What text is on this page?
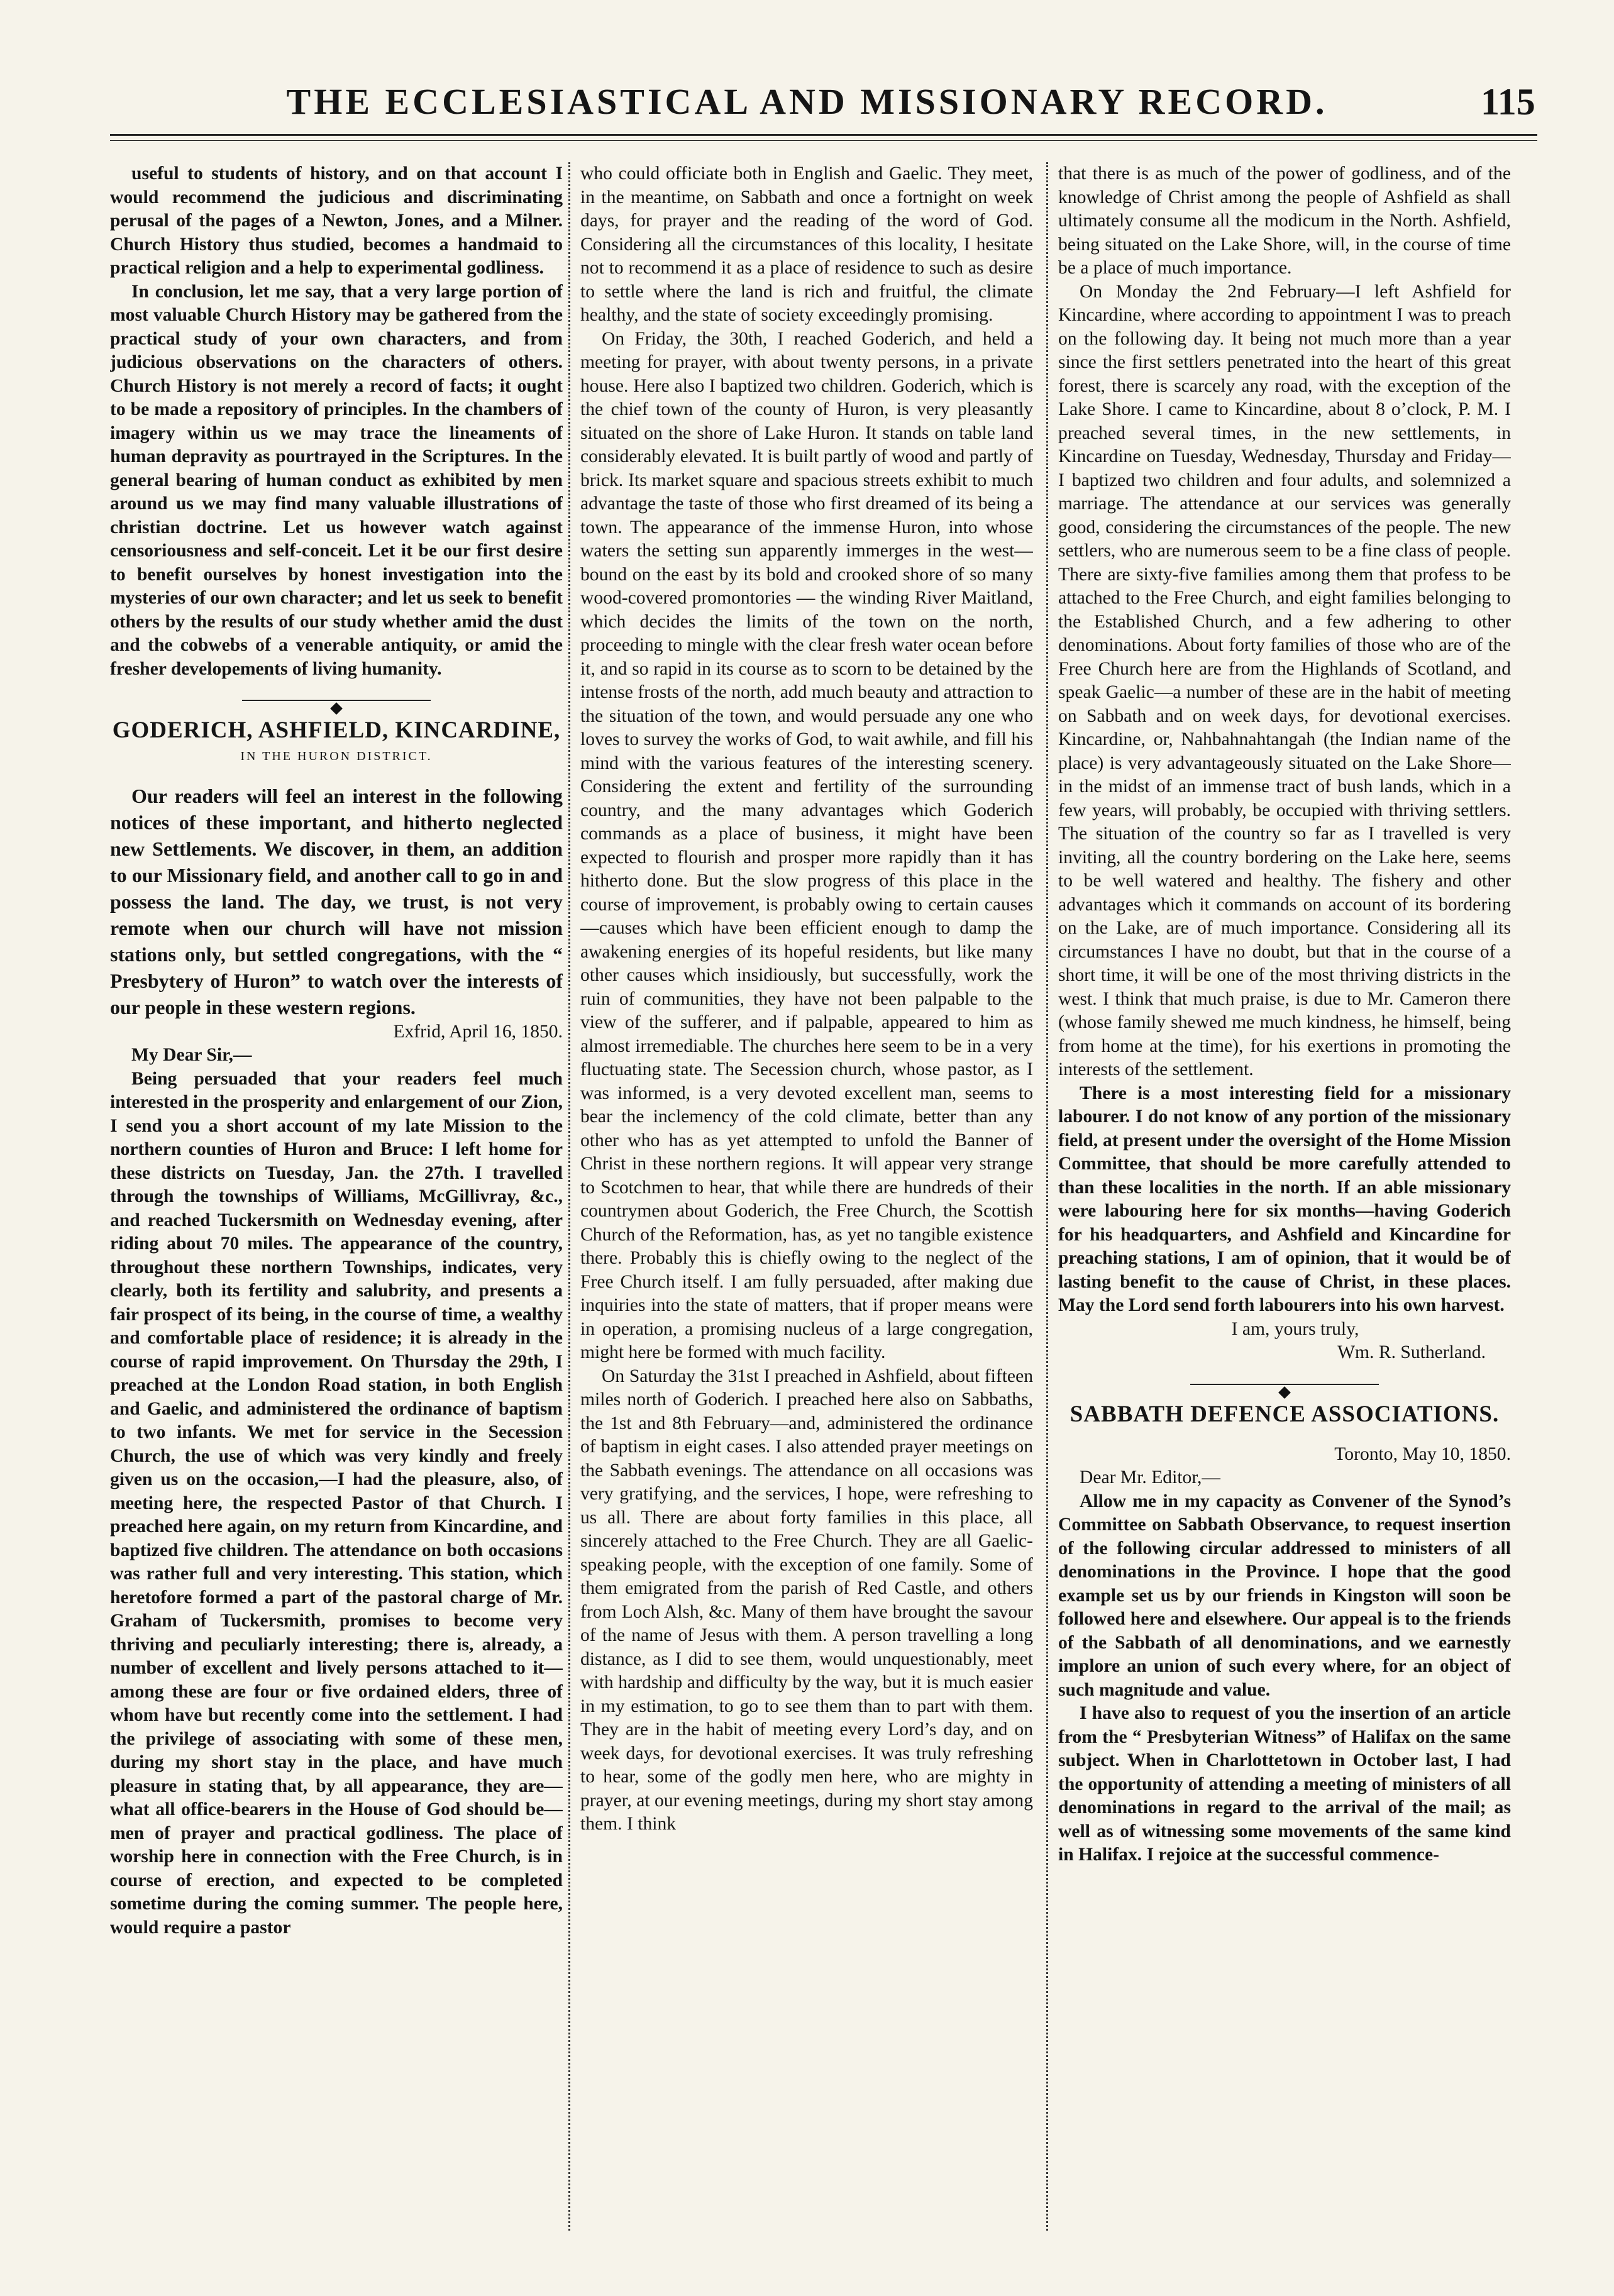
THE ECCLESIASTICAL AND MISSIONARY RECORD.	115

useful to students of history, and on that account I would recommend the judicious and discriminating perusal of the pages of a Newton, Jones, and a Milner. Church History thus studied, becomes a handmaid to practical religion and a help to experimental godliness.

In conclusion, let me say, that a very large portion of most valuable Church History may be gathered from the practical study of your own characters, and from judicious observations on the characters of others. Church History is not merely a record of facts; it ought to be made a repository of principles. In the chambers of imagery within us we may trace the lineaments of human depravity as pourtrayed in the Scriptures. In the general bearing of human conduct as exhibited by men around us we may find many valuable illustrations of christian doctrine. Let us however watch against censoriousness and self-conceit. Let it be our first desire to benefit ourselves by honest investigation into the mysteries of our own character; and let us seek to benefit others by the results of our study whether amid the dust and the cobwebs of a venerable antiquity, or amid the fresher developements of living humanity.

GODERICH, ASHFIELD, KINCARDINE,
IN THE HURON DISTRICT.

Our readers will feel an interest in the following notices of these important, and hitherto neglected new Settlements. We discover, in them, an addition to our Missionary field, and another call to go in and possess the land. The day, we trust, is not very remote when our church will have not mission stations only, but settled congregations, with the “ Presbytery of Huron” to watch over the interests of our people in these western regions.

Exfrid, April 16, 1850.

My Dear Sir,—

Being persuaded that your readers feel much interested in the prosperity and enlargement of our Zion, I send you a short account of my late Mission to the northern counties of Huron and Bruce: I left home for these districts on Tuesday, Jan. the 27th. I travelled through the townships of Williams, McGillivray, &c., and reached Tuckersmith on Wednesday evening, after riding about 70 miles. The appearance of the country, throughout these northern Townships, indicates, very clearly, both its fertility and salubrity, and presents a fair prospect of its being, in the course of time, a wealthy and comfortable place of residence; it is already in the course of rapid improvement. On Thursday the 29th, I preached at the London Road station, in both English and Gaelic, and administered the ordinance of baptism to two infants. We met for service in the Secession Church, the use of which was very kindly and freely given us on the occasion,—I had the pleasure, also, of meeting here, the respected Pastor of that Church. I preached here again, on my return from Kincardine, and baptized five children. The attendance on both occasions was rather full and very interesting. This station, which heretofore formed a part of the pastoral charge of Mr. Graham of Tuckersmith, promises to become very thriving and peculiarly interesting; there is, already, a number of excellent and lively persons attached to it—among these are four or five ordained elders, three of whom have but recently come into the settlement. I had the privilege of associating with some of these men, during my short stay in the place, and have much pleasure in stating that, by all appearance, they are—what all office-bearers in the House of God should be—men of prayer and practical godliness. The place of worship here in connection with the Free Church, is in course of erection, and expected to be completed sometime during the coming summer. The people here, would require a pastor

who could officiate both in English and Gaelic. They meet, in the meantime, on Sabbath and once a fortnight on week days, for prayer and the reading of the word of God. Considering all the circumstances of this locality, I hesitate not to recommend it as a place of residence to such as desire to settle where the land is rich and fruitful, the climate healthy, and the state of society exceedingly promising.

On Friday, the 30th, I reached Goderich, and held a meeting for prayer, with about twenty persons, in a private house. Here also I baptized two children. Goderich, which is the chief town of the county of Huron, is very pleasantly situated on the shore of Lake Huron. It stands on table land considerably elevated. It is built partly of wood and partly of brick. Its market square and spacious streets exhibit to much advantage the taste of those who first dreamed of its being a town. The appearance of the immense Huron, into whose waters the setting sun apparently immerges in the west—bound on the east by its bold and crooked shore of so many wood-covered promontories — the winding River Maitland, which decides the limits of the town on the north, proceeding to mingle with the clear fresh water ocean before it, and so rapid in its course as to scorn to be detained by the intense frosts of the north, add much beauty and attraction to the situation of the town, and would persuade any one who loves to survey the works of God, to wait awhile, and fill his mind with the various features of the interesting scenery. Considering the extent and fertility of the surrounding country, and the many advantages which Goderich commands as a place of business, it might have been expected to flourish and prosper more rapidly than it has hitherto done. But the slow progress of this place in the course of improvement, is probably owing to certain causes—causes which have been efficient enough to damp the awakening energies of its hopeful residents, but like many other causes which insidiously, but successfully, work the ruin of communities, they have not been palpable to the view of the sufferer, and if palpable, appeared to him as almost irremediable. The churches here seem to be in a very fluctuating state. The Secession church, whose pastor, as I was informed, is a very devoted excellent man, seems to bear the inclemency of the cold climate, better than any other who has as yet attempted to unfold the Banner of Christ in these northern regions. It will appear very strange to Scotchmen to hear, that while there are hundreds of their countrymen about Goderich, the Free Church, the Scottish Church of the Reformation, has, as yet no tangible existence there. Probably this is chiefly owing to the neglect of the Free Church itself. I am fully persuaded, after making due inquiries into the state of matters, that if proper means were in operation, a promising nucleus of a large congregation, might here be formed with much facility.

On Saturday the 31st I preached in Ashfield, about fifteen miles north of Goderich. I preached here also on Sabbaths, the 1st and 8th February—and, administered the ordinance of baptism in eight cases. I also attended prayer meetings on the Sabbath evenings. The attendance on all occasions was very gratifying, and the services, I hope, were refreshing to us all. There are about forty families in this place, all sincerely attached to the Free Church. They are all Gaelic-speaking people, with the exception of one family. Some of them emigrated from the parish of Red Castle, and others from Loch Alsh, &c. Many of them have brought the savour of the name of Jesus with them. A person travelling a long distance, as I did to see them, would unquestionably, meet with hardship and difficulty by the way, but it is much easier in my estimation, to go to see them than to part with them. They are in the habit of meeting every Lord’s day, and on week days, for devotional exercises. It was truly refreshing to hear, some of the godly men here, who are mighty in prayer, at our evening meetings, during my short stay among them. I think

that there is as much of the power of godliness, and of the knowledge of Christ among the people of Ashfield as shall ultimately consume all the modicum in the North. Ashfield, being situated on the Lake Shore, will, in the course of time be a place of much importance.

On Monday the 2nd February—I left Ashfield for Kincardine, where according to appointment I was to preach on the following day. It being not much more than a year since the first settlers penetrated into the heart of this great forest, there is scarcely any road, with the exception of the Lake Shore. I came to Kincardine, about 8 o’clock, P. M. I preached several times, in the new settlements, in Kincardine on Tuesday, Wednesday, Thursday and Friday—I baptized two children and four adults, and solemnized a marriage. The attendance at our services was generally good, considering the circumstances of the people. The new settlers, who are numerous seem to be a fine class of people. There are sixty-five families among them that profess to be attached to the Free Church, and eight families belonging to the Established Church, and a few adhering to other denominations. About forty families of those who are of the Free Church here are from the Highlands of Scotland, and speak Gaelic—a number of these are in the habit of meeting on Sabbath and on week days, for devotional exercises. Kincardine, or, Nahbahnahtangah (the Indian name of the place) is very advantageously situated on the Lake Shore—in the midst of an immense tract of bush lands, which in a few years, will probably, be occupied with thriving settlers. The situation of the country so far as I travelled is very inviting, all the country bordering on the Lake here, seems to be well watered and healthy. The fishery and other advantages which it commands on account of its bordering on the Lake, are of much importance. Considering all its circumstances I have no doubt, but that in the course of a short time, it will be one of the most thriving districts in the west. I think that much praise, is due to Mr. Cameron there (whose family shewed me much kindness, he himself, being from home at the time), for his exertions in promoting the interests of the settlement.

There is a most interesting field for a missionary labourer. I do not know of any portion of the missionary field, at present under the oversight of the Home Mission Committee, that should be more carefully attended to than these localities in the north. If an able missionary were labouring here for six months—having Goderich for his headquarters, and Ashfield and Kincardine for preaching stations, I am of opinion, that it would be of lasting benefit to the cause of Christ, in these places. May the Lord send forth labourers into his own harvest.

I am, yours truly,

Wm. R. Sutherland.

SABBATH DEFENCE ASSOCIATIONS.

Toronto, May 10, 1850.

Dear Mr. Editor,—

Allow me in my capacity as Convener of the Synod’s Committee on Sabbath Observance, to request insertion of the following circular addressed to ministers of all denominations in the Province. I hope that the good example set us by our friends in Kingston will soon be followed here and elsewhere. Our appeal is to the friends of the Sabbath of all denominations, and we earnestly implore an union of such every where, for an object of such magnitude and value.

I have also to request of you the insertion of an article from the “ Presbyterian Witness” of Halifax on the same subject. When in Charlottetown in October last, I had the opportunity of attending a meeting of ministers of all denominations in regard to the arrival of the mail; as well as of witnessing some movements of the same kind in Halifax. I rejoice at the successful commence-
